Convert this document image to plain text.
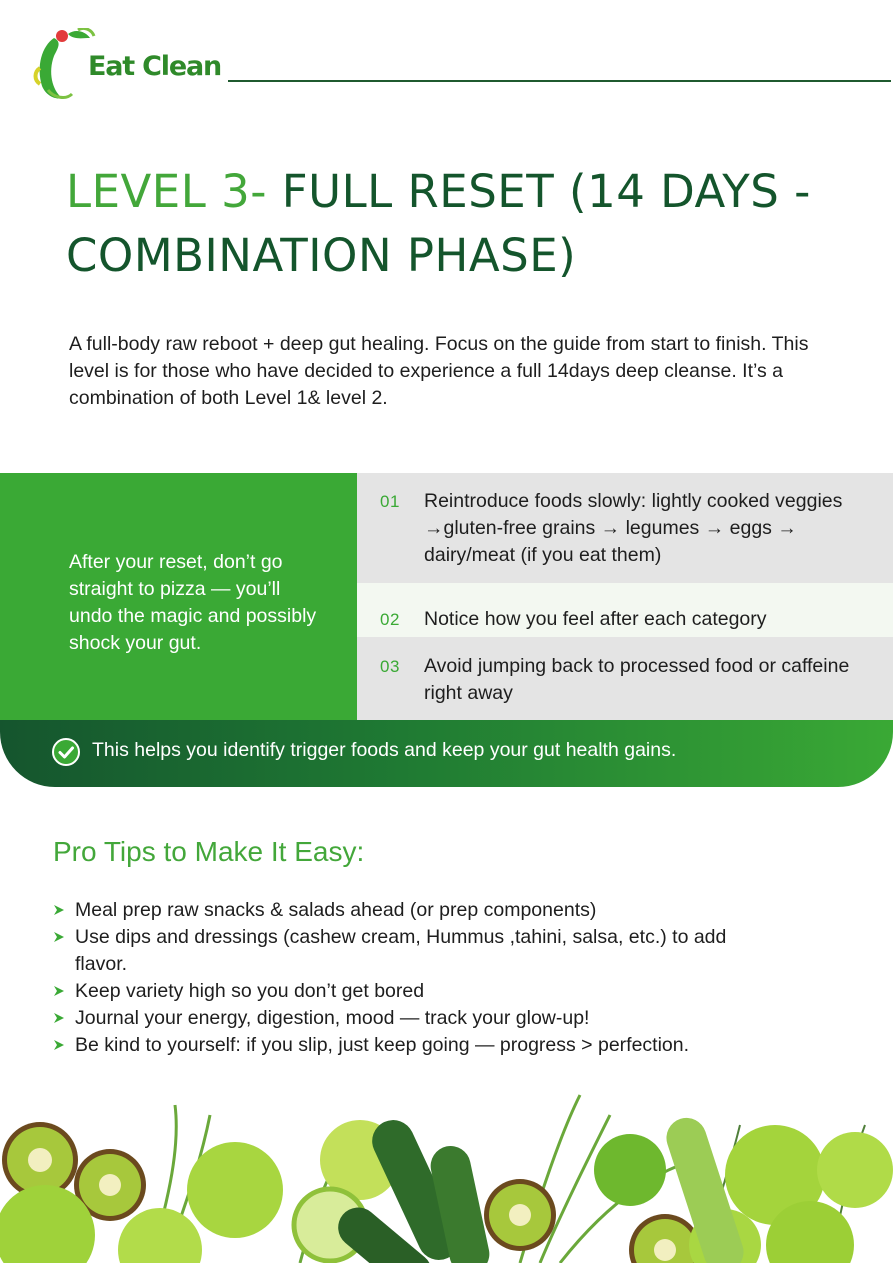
Eat Clean
LEVEL 3- FULL RESET (14 DAYS - COMBINATION PHASE)
A full-body raw reboot + deep gut healing. Focus on the guide from start to finish. This level is for those who have decided to experience a full 14days deep cleanse. It’s a combination of both Level 1& level 2.
After your reset, don’t go straight to pizza — you’ll undo the magic and possibly shock your gut.
01 Reintroduce foods slowly: lightly cooked veggies →gluten-free grains → legumes → eggs → dairy/meat (if you eat them)
02 Notice how you feel after each category
03 Avoid jumping back to processed food or caffeine right away
This helps you identify trigger foods and keep your gut health gains.
Pro Tips to Make It Easy:
Meal prep raw snacks & salads ahead (or prep components)
Use dips and dressings (cashew cream, Hummus ,tahini, salsa, etc.) to add flavor.
Keep variety high so you don’t get bored
Journal your energy, digestion, mood — track your glow-up!
Be kind to yourself: if you slip, just keep going — progress > perfection.
